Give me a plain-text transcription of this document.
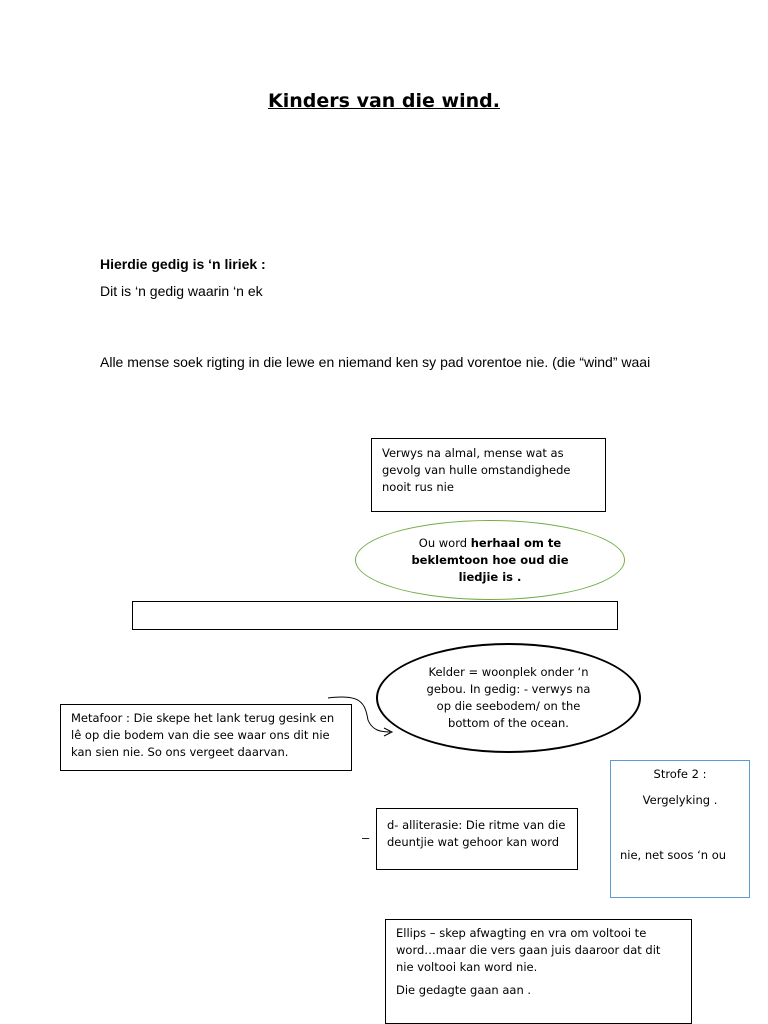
Kinders van die wind.
Hierdie gedig is ‘n liriek :
Dit is ‘n gedig waarin ‘n ek
Alle mense soek rigting in die lewe en niemand ken sy pad vorentoe nie. (die “wind” waai
Verwys na almal, mense wat as gevolg van hulle omstandighede nooit rus nie

Ou word herhaal om te beklemtoon hoe oud die liedjie is .

Kelder = woonplek onder ‘n gebou. In gedig: - verwys na op die seebodem/ on the bottom of the ocean.

Metafoor : Die skepe het lank terug gesink en lê op die bodem van die see waar ons dit nie kan sien nie. So ons vergeet daarvan.
Strofe 2 :
Vergelyking .
nie, net soos ‘n ou
–
d- alliterasie: Die ritme van die deuntjie wat gehoor kan word

Ellips – skep afwagting en vra om voltooi te word…maar die vers gaan juis daaroor dat dit nie voltooi kan word nie.

Die gedagte gaan aan .
